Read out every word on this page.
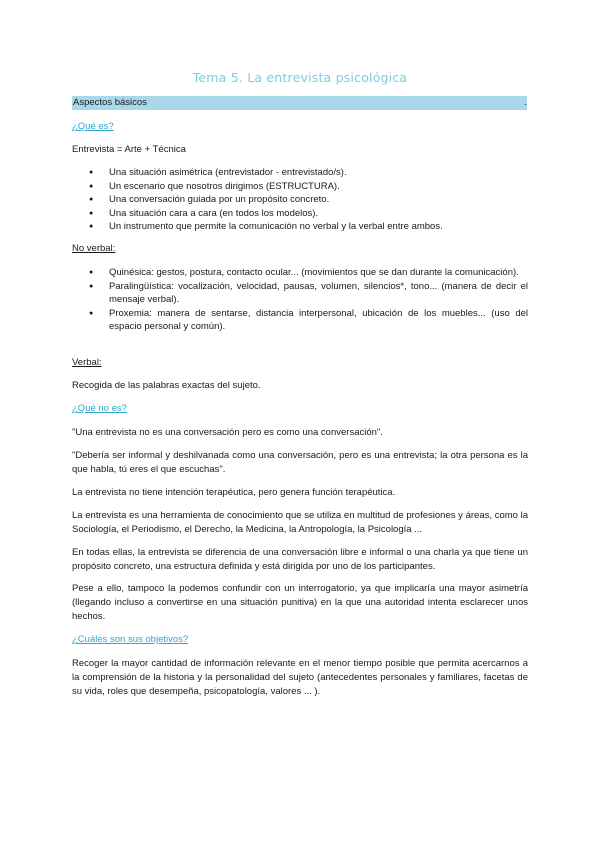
Tema 5. La entrevista psicológica
Aspectos básicos	.
¿Qué es?
Entrevista = Arte + Técnica
● Una situación asimétrica (entrevistador - entrevistado/s).
● Un escenario que nosotros dirigimos (ESTRUCTURA).
● Una conversación guiada por un propósito concreto.
● Una situación cara a cara (en todos los modelos).
● Un instrumento que permite la comunicación no verbal y la verbal entre ambos.
No verbal:
● Quinésica: gestos, postura, contacto ocular... (movimientos que se dan durante la comunicación).
● Paralingüística: vocalización, velocidad, pausas, volumen, silencios*, tono... (manera de decir el mensaje verbal).
● Proxemia: manera de sentarse, distancia interpersonal, ubicación de los muebles... (uso del espacio personal y común).
Verbal:
Recogida de las palabras exactas del sujeto.
¿Qué no es?
"Una entrevista no es una conversación pero es como una conversación".
"Debería ser informal y deshilvanada como una conversación, pero es una entrevista; la otra persona es la que habla, tú eres el que escuchas".
La entrevista no tiene intención terapéutica, pero genera función terapéutica.
La entrevista es una herramienta de conocimiento que se utiliza en multitud de profesiones y áreas, como la Sociología, el Periodismo, el Derecho, la Medicina, la Antropología, la Psicología ...
En todas ellas, la entrevista se diferencia de una conversación libre e informal o una charla ya que tiene un propósito concreto, una estructura definida y está dirigida por uno de los participantes.
Pese a ello, tampoco la podemos confundir con un interrogatorio, ya que implicaría una mayor asimetría (llegando incluso a convertirse en una situación punitiva) en la que una autoridad intenta esclarecer unos hechos.
¿Cuáles son sus objetivos?
Recoger la mayor cantidad de información relevante en el menor tiempo posible que permita acercarnos a la comprensión de la historia y la personalidad del sujeto (antecedentes personales y familiares, facetas de su vida, roles que desempeña, psicopatología, valores ... ).
